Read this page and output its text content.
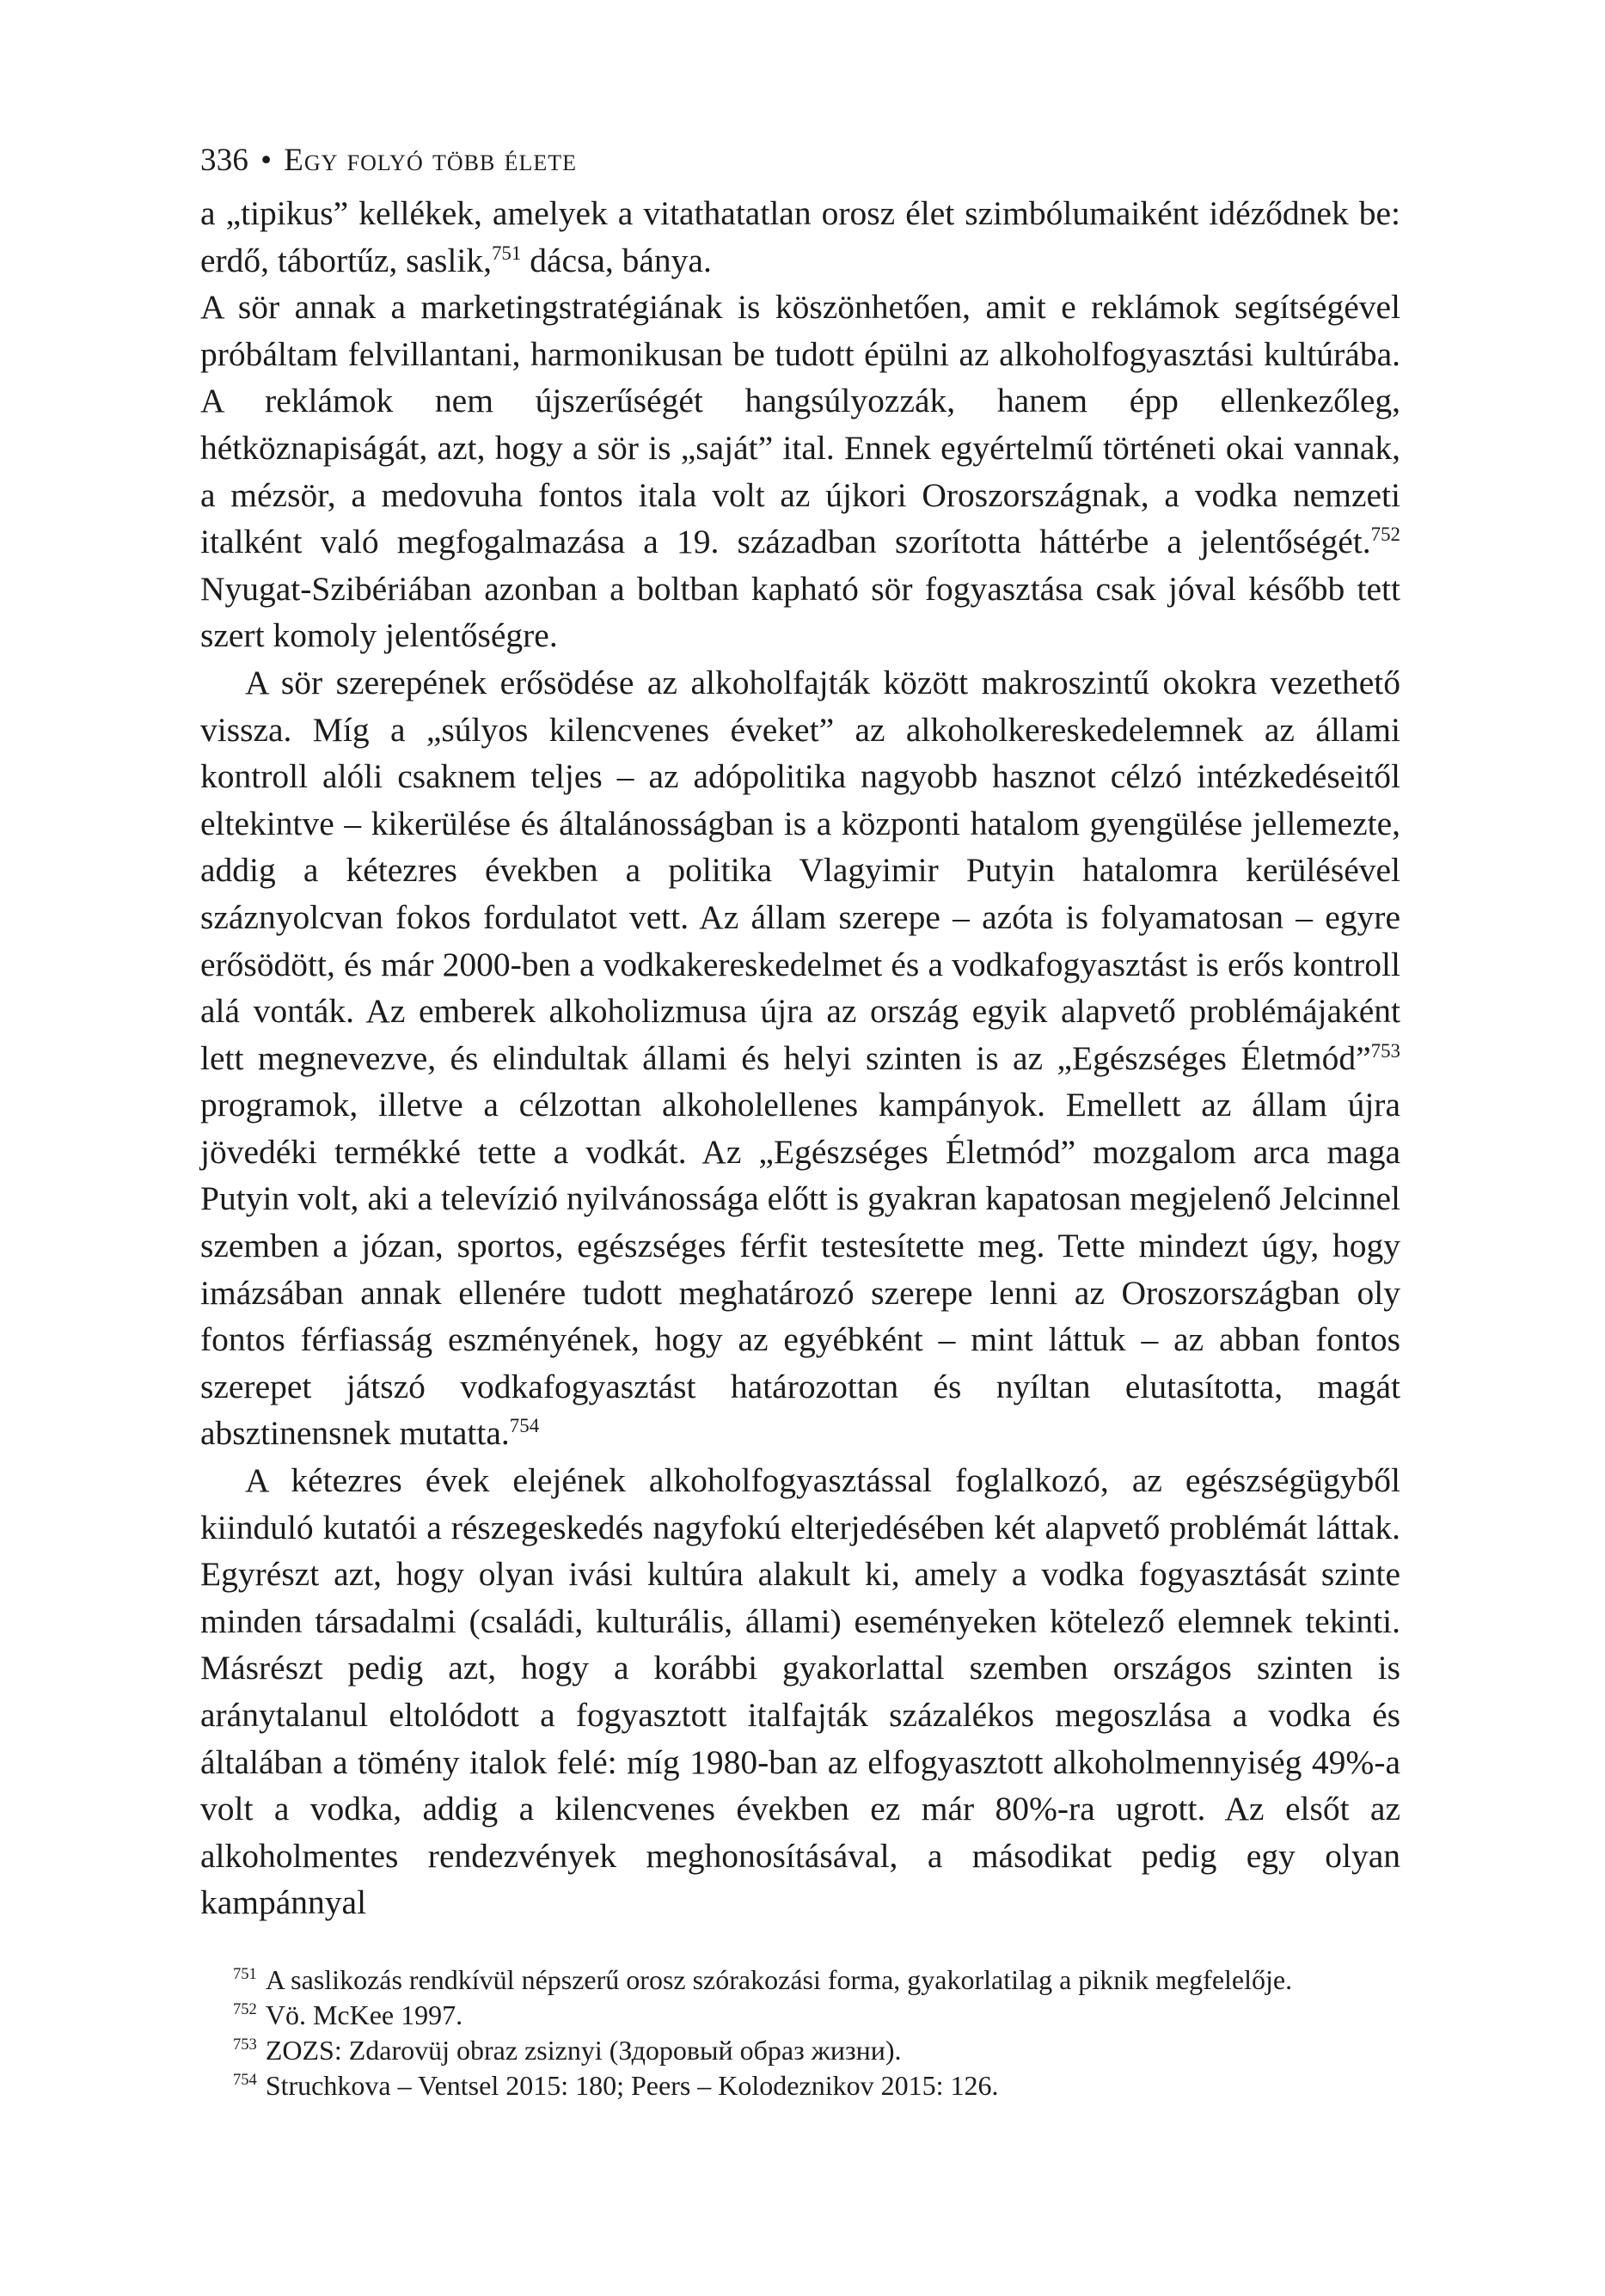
336 • Egy folyó több élete

a „tipikus” kellékek, amelyek a vitathatatlan orosz élet szimbólumaiként idéződnek be: erdő, tábortűz, saslik,$^{751}$ dácsa, bánya.

A sör annak a marketingstratégiának is köszönhetően, amit e reklámok segítségével próbáltam felvillantani, harmonikusan be tudott épülni az alkoholfogyasztási kultúrába. A reklámok nem újszerűségét hangsúlyozzák, hanem épp ellenkezőleg, hétköznapiságát, azt, hogy a sör is „saját” ital. Ennek egyértelmű történeti okai vannak, a mézsör, a medovuha fontos itala volt az újkori Oroszországnak, a vodka nemzeti italként való megfogalmazása a 19. században szorította háttérbe a jelentőségét.$^{752}$ Nyugat-Szibériában azonban a boltban kapható sör fogyasztása csak jóval később tett szert komoly jelentőségre.

A sör szerepének erősödése az alkoholfajták között makroszintű okokra vezethető vissza. Míg a „súlyos kilencvenes éveket” az alkoholkereskedelemnek az állami kontroll alóli csaknem teljes – az adópolitika nagyobb hasznot célzó intézkedéseitől eltekintve – kikerülése és általánosságban is a központi hatalom gyengülése jellemezte, addig a kétezres években a politika Vlagyimir Putyin hatalomra kerülésével száznyolcvan fokos fordulatot vett. Az állam szerepe – azóta is folyamatosan – egyre erősödött, és már 2000-ben a vodkakereskedelmet és a vodkafogyasztást is erős kontroll alá vonták. Az emberek alkoholizmusa újra az ország egyik alapvető problémájaként lett megnevezve, és elindultak állami és helyi szinten is az „Egészséges Életmód”$^{753}$ programok, illetve a célzottan alkoholellenes kampányok. Emellett az állam újra jövedéki termékké tette a vodkát. Az „Egészséges Életmód” mozgalom arca maga Putyin volt, aki a televízió nyilvánossága előtt is gyakran kapatosan megjelenő Jelcinnel szemben a józan, sportos, egészséges férfit testesítette meg. Tette mindezt úgy, hogy imázsában annak ellenére tudott meghatározó szerepe lenni az Oroszországban oly fontos férfiasság eszményének, hogy az egyébként – mint láttuk – az abban fontos szerepet játszó vodkafogyasztást határozottan és nyíltan elutasította, magát absztinensnek mutatta.$^{754}$

A kétezres évek elejének alkoholfogyasztással foglalkozó, az egészségügyből kiinduló kutatói a részegeskedés nagyfokú elterjedésében két alapvető problémát láttak. Egyrészt azt, hogy olyan ivási kultúra alakult ki, amely a vodka fogyasztását szinte minden társadalmi (családi, kulturális, állami) eseményeken kötelező elemnek tekinti. Másrészt pedig azt, hogy a korábbi gyakorlattal szemben országos szinten is aránytalanul eltolódott a fogyasztott italfajták százalékos megoszlása a vodka és általában a tömény italok felé: míg 1980-ban az elfogyasztott alkoholmennyiség 49%-a volt a vodka, addig a kilencvenes években ez már 80%-ra ugrott. Az elsőt az alkoholmentes rendezvények meghonosításával, a másodikat pedig egy olyan kampánnyal

$^{751}$ A saslikozás rendkívül népszerű orosz szórakozási forma, gyakorlatilag a piknik megfelelője.

$^{752}$ Vö. McKee 1997.

$^{753}$ ZOZS: Zdarovüj obraz zsiznyi (Здоровый образ жизни).

$^{754}$ Struchkova – Ventsel 2015: 180; Peers – Kolodeznikov 2015: 126.
